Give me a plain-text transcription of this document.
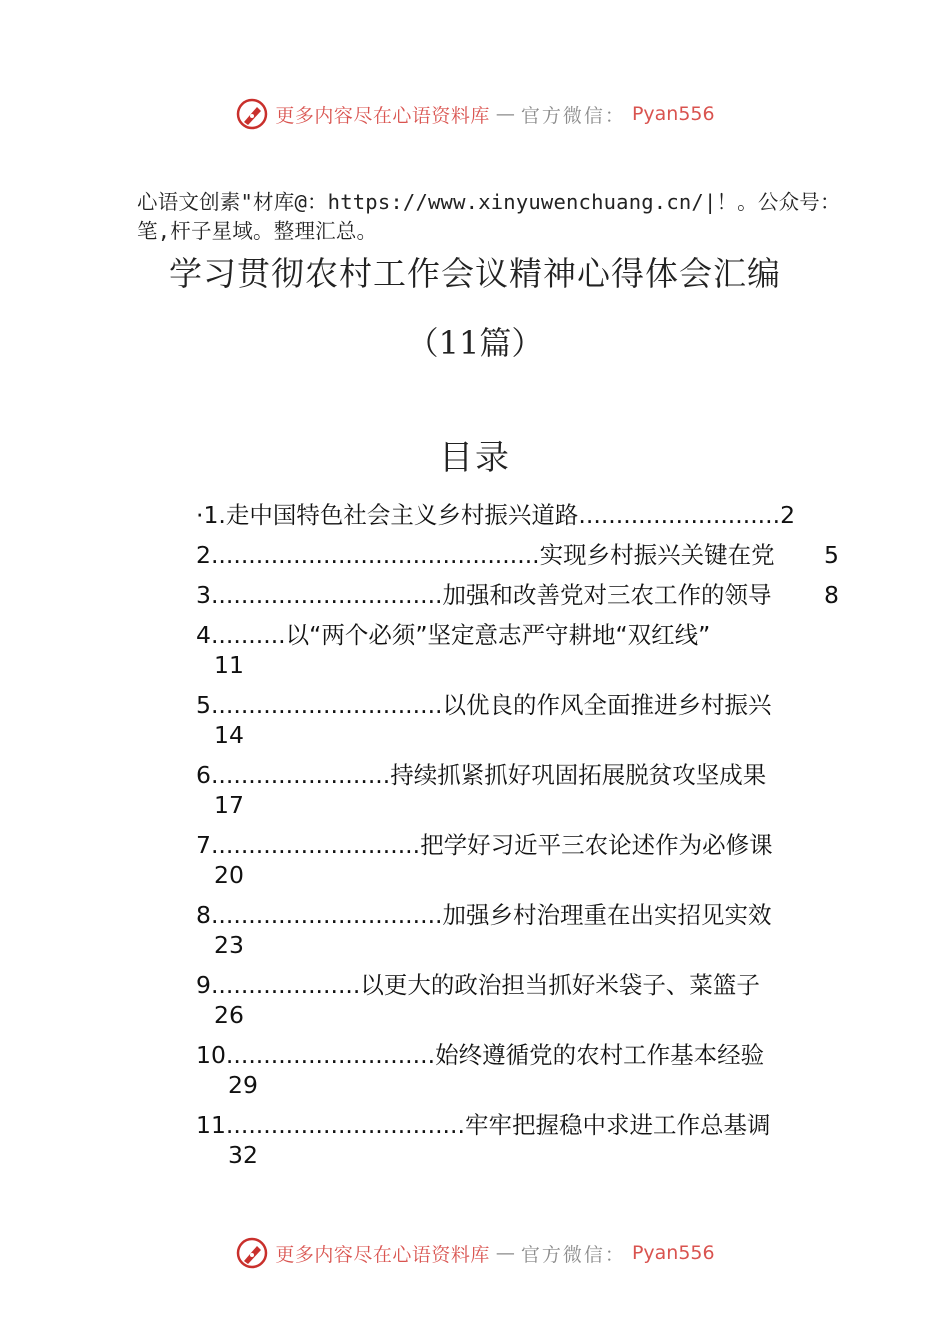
更多内容尽在心语资料库 — 官方微信： Pyan556
心语文创素"材库@：https://www.xinyuwenchuang.cn/|！。公众号：笔,杆子星域。整理汇总。
学习贯彻农村工作会议精神心得体会汇编
（11篇）
目录
·1.走中国特色社会主义乡村振兴道路...........................2
2............................................实现乡村振兴关键在党	5
3...............................加强和改善党对三农工作的领导	8
4..........以“两个必须”坚定意志严守耕地“双红线”
11
5...............................以优良的作风全面推进乡村振兴
14
6........................持续抓紧抓好巩固拓展脱贫攻坚成果
17
7............................把学好习近平三农论述作为必修课
20
8...............................加强乡村治理重在出实招见实效
23
9....................以更大的政治担当抓好米袋子、菜篮子
26
10............................始终遵循党的农村工作基本经验
29
11................................牢牢把握稳中求进工作总基调
32
更多内容尽在心语资料库 — 官方微信： Pyan556
